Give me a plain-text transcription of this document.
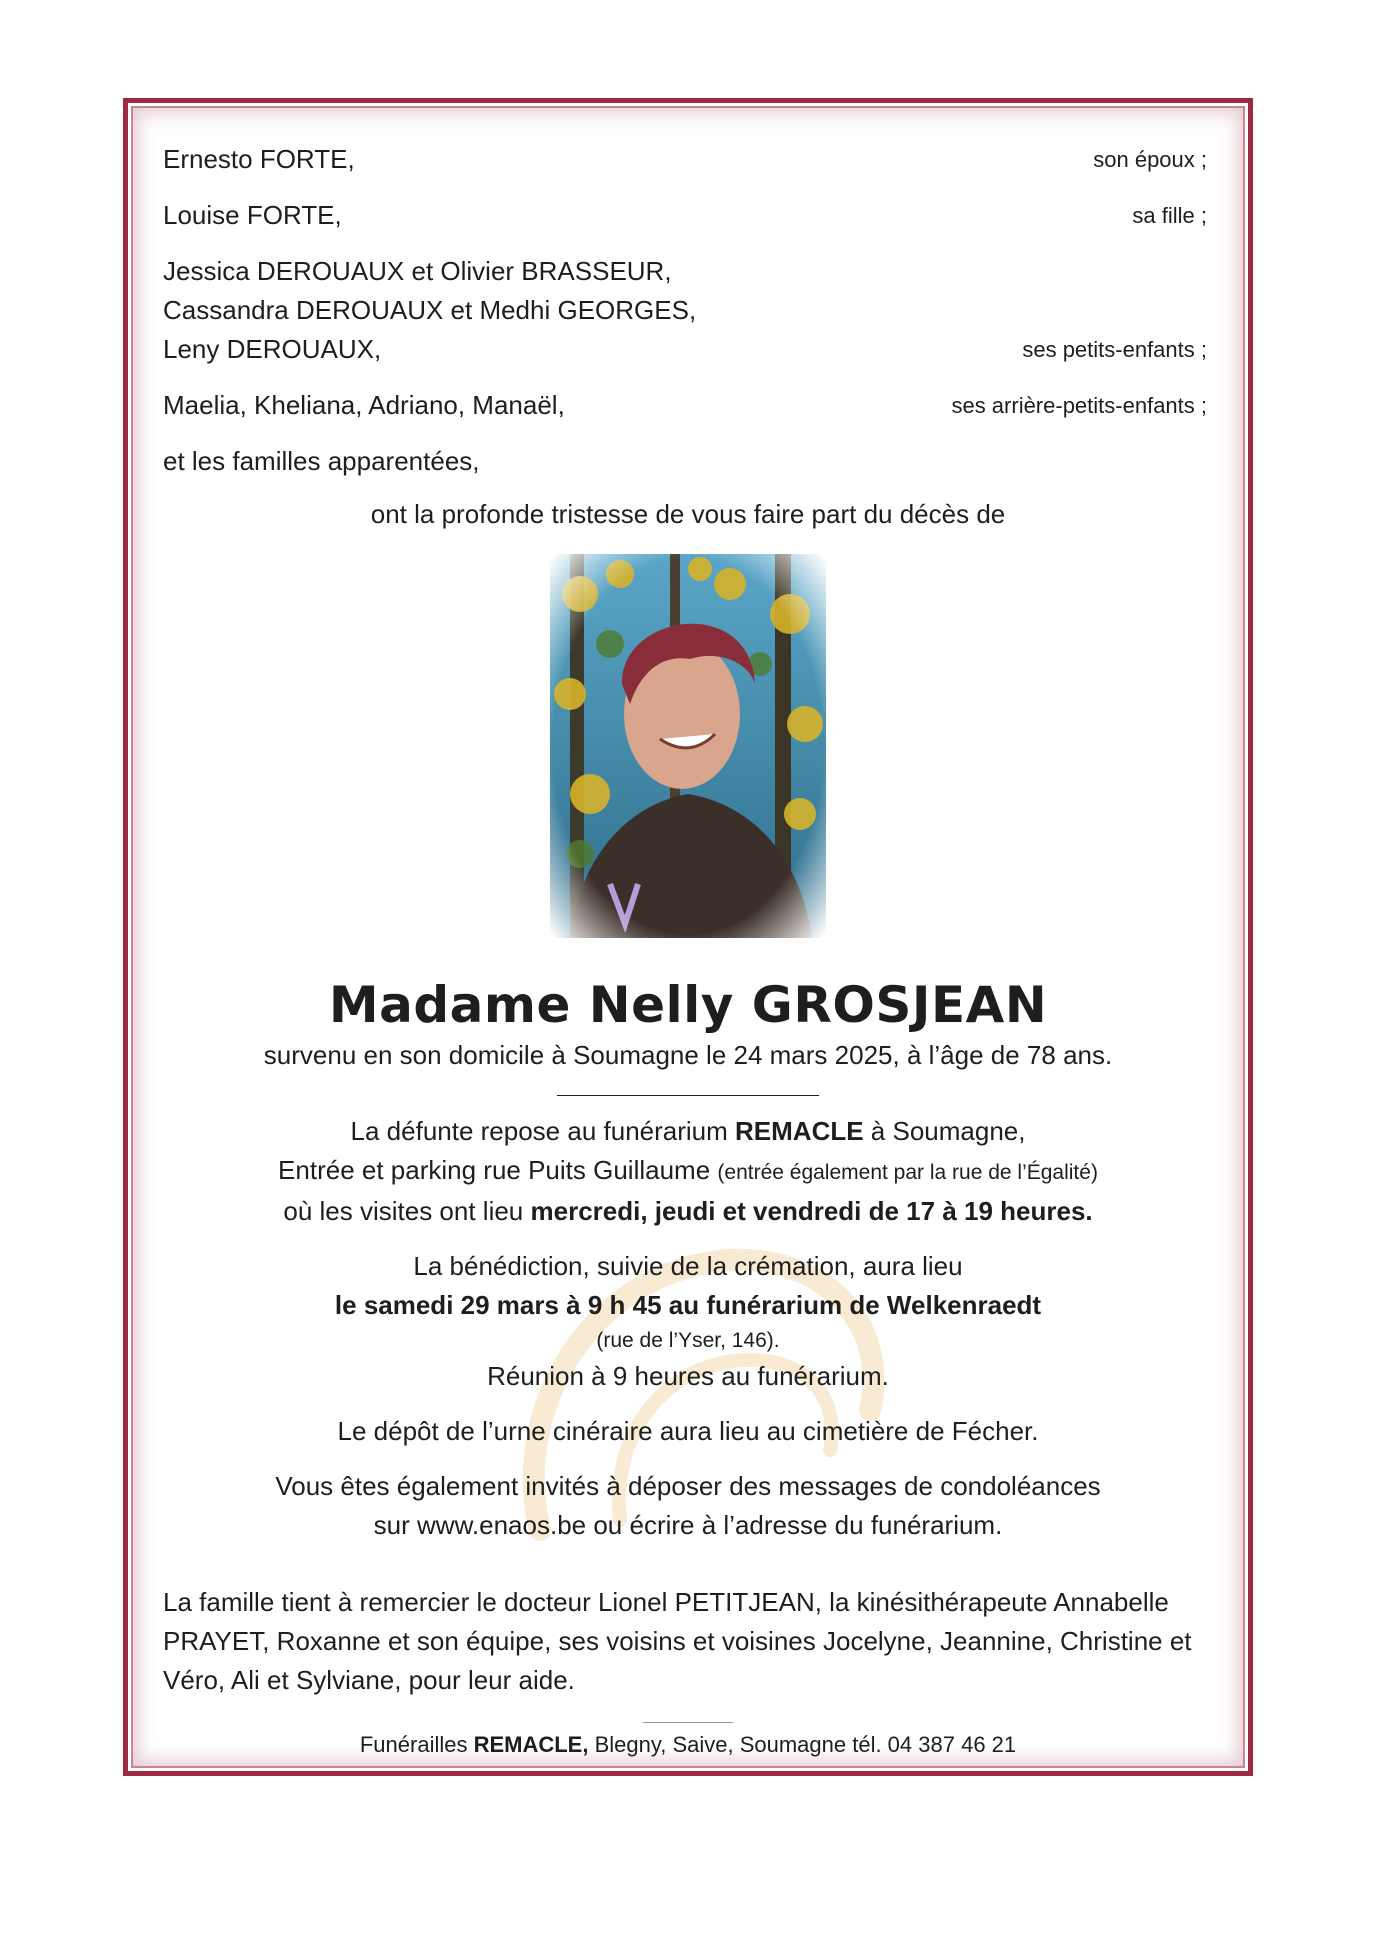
Ernesto FORTE,	son époux ;
Louise FORTE,	sa fille ;
Jessica DEROUAUX et Olivier BRASSEUR,
Cassandra DEROUAUX et Medhi GEORGES,
Leny DEROUAUX,	ses petits-enfants ;
Maelia, Kheliana, Adriano, Manaël,	ses arrière-petits-enfants ;
et les familles apparentées,
ont la profonde tristesse de vous faire part du décès de
Madame Nelly GROSJEAN
survenu en son domicile à Soumagne le 24 mars 2025, à l’âge de 78 ans.
La défunte repose au funérarium REMACLE à Soumagne,
Entrée et parking rue Puits Guillaume (entrée également par la rue de l’Égalité)
où les visites ont lieu mercredi, jeudi et vendredi de 17 à 19 heures.
La bénédiction, suivie de la crémation, aura lieu
le samedi 29 mars à 9 h 45 au funérarium de Welkenraedt
(rue de l’Yser, 146).
Réunion à 9 heures au funérarium.
Le dépôt de l’urne cinéraire aura lieu au cimetière de Fécher.
Vous êtes également invités à déposer des messages de condoléances
sur www.enaos.be ou écrire à l’adresse du funérarium.
La famille tient à remercier le docteur Lionel PETITJEAN, la kinésithérapeute Annabelle PRAYET, Roxanne et son équipe, ses voisins et voisines Jocelyne, Jeannine, Christine et Véro, Ali et Sylviane, pour leur aide.
Funérailles REMACLE, Blegny, Saive, Soumagne tél. 04 387 46 21
